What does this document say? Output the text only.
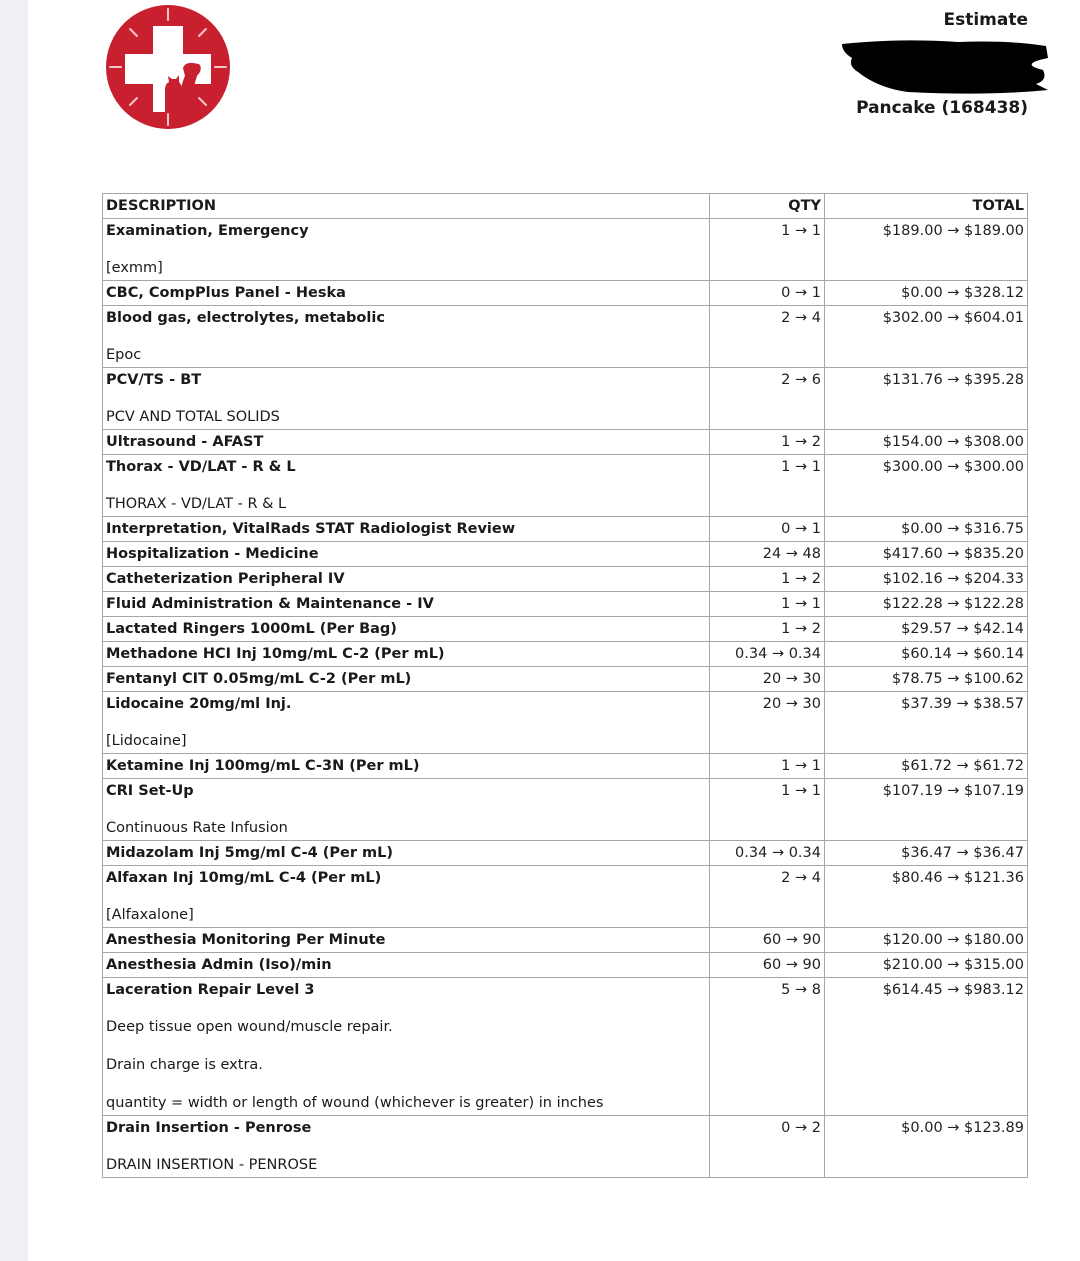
Estimate
Pancake (168438)
DESCRIPTION	QTY	TOTAL

Examination, Emergency
[exmm]	1 → 1	$189.00 → $189.00

CBC, CompPlus Panel - Heska	0 → 1	$0.00 → $328.12

Blood gas, electrolytes, metabolic
Epoc	2 → 4	$302.00 → $604.01

PCV/TS - BT
PCV AND TOTAL SOLIDS	2 → 6	$131.76 → $395.28

Ultrasound - AFAST	1 → 2	$154.00 → $308.00

Thorax - VD/LAT - R & L
THORAX - VD/LAT - R & L	1 → 1	$300.00 → $300.00

Interpretation, VitalRads STAT Radiologist Review	0 → 1	$0.00 → $316.75

Hospitalization - Medicine	24 → 48	$417.60 → $835.20

Catheterization Peripheral IV	1 → 2	$102.16 → $204.33

Fluid Administration & Maintenance - IV	1 → 1	$122.28 → $122.28

Lactated Ringers 1000mL (Per Bag)	1 → 2	$29.57 → $42.14

Methadone HCI Inj 10mg/mL C-2 (Per mL)	0.34 → 0.34	$60.14 → $60.14

Fentanyl CIT 0.05mg/mL C-2 (Per mL)	20 → 30	$78.75 → $100.62

Lidocaine 20mg/ml Inj.
[Lidocaine]	20 → 30	$37.39 → $38.57

Ketamine Inj 100mg/mL C-3N (Per mL)	1 → 1	$61.72 → $61.72

CRI Set-Up
Continuous Rate Infusion	1 → 1	$107.19 → $107.19

Midazolam Inj 5mg/ml C-4 (Per mL)	0.34 → 0.34	$36.47 → $36.47

Alfaxan Inj 10mg/mL C-4 (Per mL)
[Alfaxalone]	2 → 4	$80.46 → $121.36

Anesthesia Monitoring Per Minute	60 → 90	$120.00 → $180.00

Anesthesia Admin (Iso)/min	60 → 90	$210.00 → $315.00

Laceration Repair Level 3
Deep tissue open wound/muscle repair.
Drain charge is extra.
quantity = width or length of wound (whichever is greater) in inches	5 → 8	$614.45 → $983.12

Drain Insertion - Penrose
DRAIN INSERTION - PENROSE	0 → 2	$0.00 → $123.89
